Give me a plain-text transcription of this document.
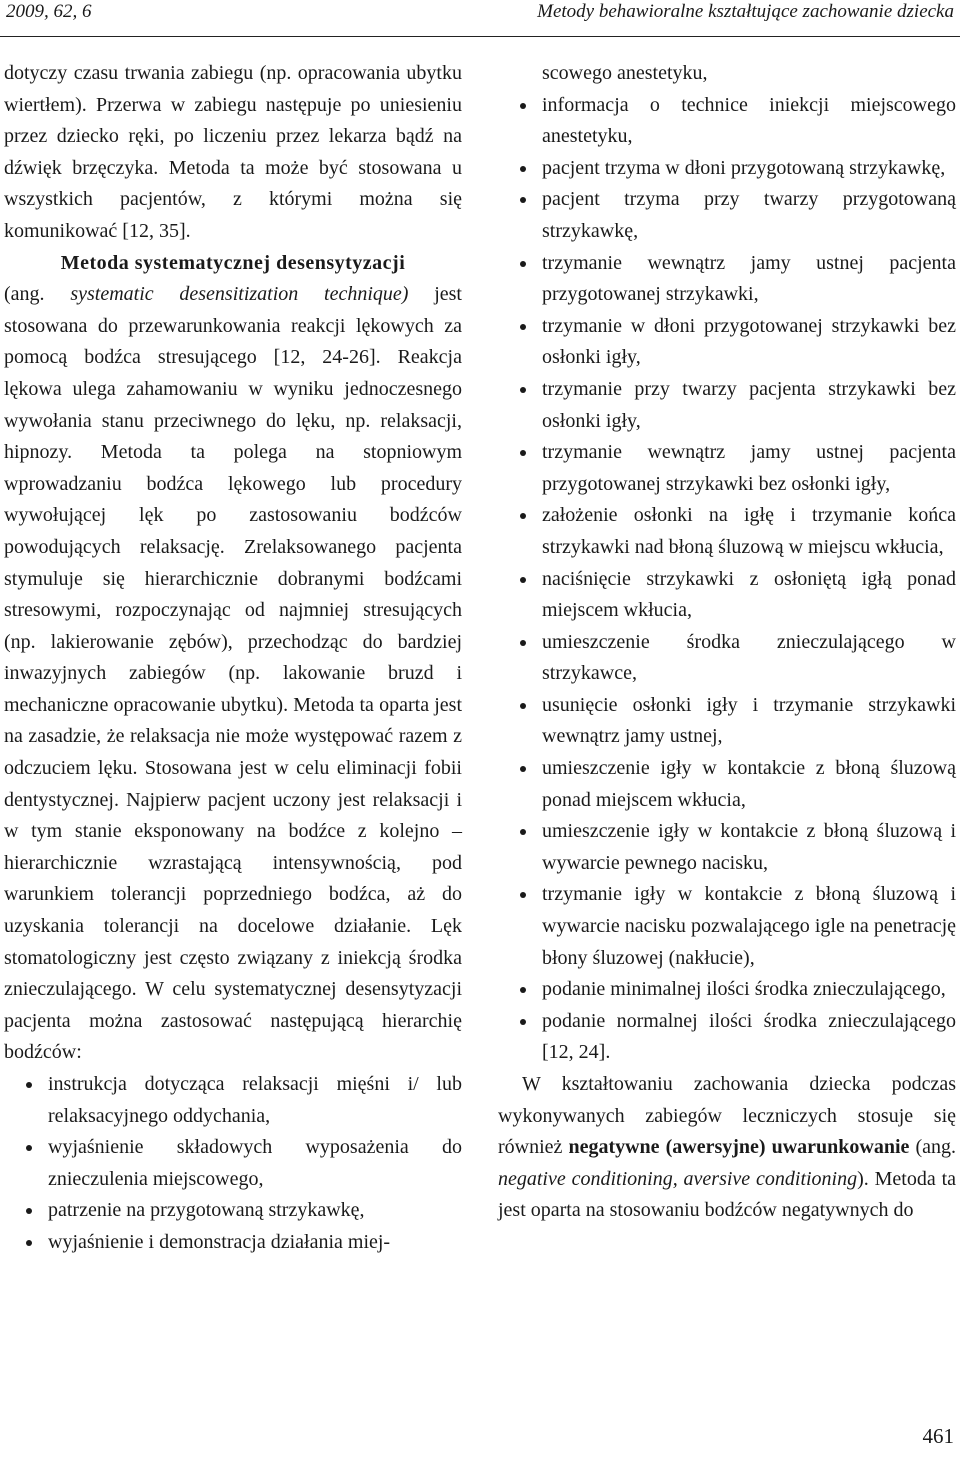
2009, 62, 6	Metody behawioralne kształtujące zachowanie dziecka

dotyczy czasu trwania zabiegu (np. opracowania ubytku wiertłem). Przerwa w zabiegu następuje po uniesieniu przez dziecko ręki, po liczeniu przez lekarza bądź na dźwięk brzęczyka. Metoda ta może być stosowana u wszystkich pacjentów, z którymi można się komunikować [12, 35].

Metoda systematycznej desensytyzacji

(ang. systematic desensitization technique) jest stosowana do przewarunkowania reakcji lękowych za pomocą bodźca stresującego [12, 24-26]. Reakcja lękowa ulega zahamowaniu w wyniku jednoczesnego wywołania stanu przeciwnego do lęku, np. relaksacji, hipnozy. Metoda ta polega na stopniowym wprowadzaniu bodźca lękowego lub procedury wywołującej lęk po zastosowaniu bodźców powodujących relaksację. Zrelaksowanego pacjenta stymuluje się hierarchicznie dobranymi bodźcami stresowymi, rozpoczynając od najmniej stresujących (np. lakierowanie zębów), przechodząc do bardziej inwazyjnych zabiegów (np. lakowanie bruzd i mechaniczne opracowanie ubytku). Metoda ta oparta jest na zasadzie, że relaksacja nie może występować razem z odczuciem lęku. Stosowana jest w celu eliminacji fobii dentystycznej. Najpierw pacjent uczony jest relaksacji i w tym stanie eksponowany na bodźce z kolejno – hierarchicznie wzrastającą intensywnością, pod warunkiem tolerancji poprzedniego bodźca, aż do uzyskania tolerancji na docelowe działanie. Lęk stomatologiczny jest często związany z iniekcją środka znieczulającego. W celu systematycznej desensytyzacji pacjenta można zastosować następującą hierarchię bodźców:

instrukcja dotycząca relaksacji mięśni i/ lub relaksacyjnego oddychania,
wyjaśnienie składowych wyposażenia do znieczulenia miejscowego,
patrzenie na przygotowaną strzykawkę,
wyjaśnienie i demonstracja działania miej-
scowego anestetyku,
informacja o technice iniekcji miejscowego anestetyku,
pacjent trzyma w dłoni przygotowaną strzykawkę,
pacjent trzyma przy twarzy przygotowaną strzykawkę,
trzymanie wewnątrz jamy ustnej pacjenta przygotowanej strzykawki,
trzymanie w dłoni przygotowanej strzykawki bez osłonki igły,
trzymanie przy twarzy pacjenta strzykawki bez osłonki igły,
trzymanie wewnątrz jamy ustnej pacjenta przygotowanej strzykawki bez osłonki igły,
założenie osłonki na igłę i trzymanie końca strzykawki nad błoną śluzową w miejscu wkłucia,
naciśnięcie strzykawki z osłoniętą igłą ponad miejscem wkłucia,
umieszczenie środka znieczulającego w strzykawce,
usunięcie osłonki igły i trzymanie strzykawki wewnątrz jamy ustnej,
umieszczenie igły w kontakcie z błoną śluzową ponad miejscem wkłucia,
umieszczenie igły w kontakcie z błoną śluzową i wywarcie pewnego nacisku,
trzymanie igły w kontakcie z błoną śluzową i wywarcie nacisku pozwalającego igle na penetrację błony śluzowej (nakłucie),
podanie minimalnej ilości środka znieczulającego,
podanie normalnej ilości środka znieczulającego [12, 24].

W kształtowaniu zachowania dziecka podczas wykonywanych zabiegów leczniczych stosuje się również negatywne (awersyjne) uwarunkowanie (ang. negative conditioning, aversive conditioning). Metoda ta jest oparta na stosowaniu bodźców negatywnych do

461
